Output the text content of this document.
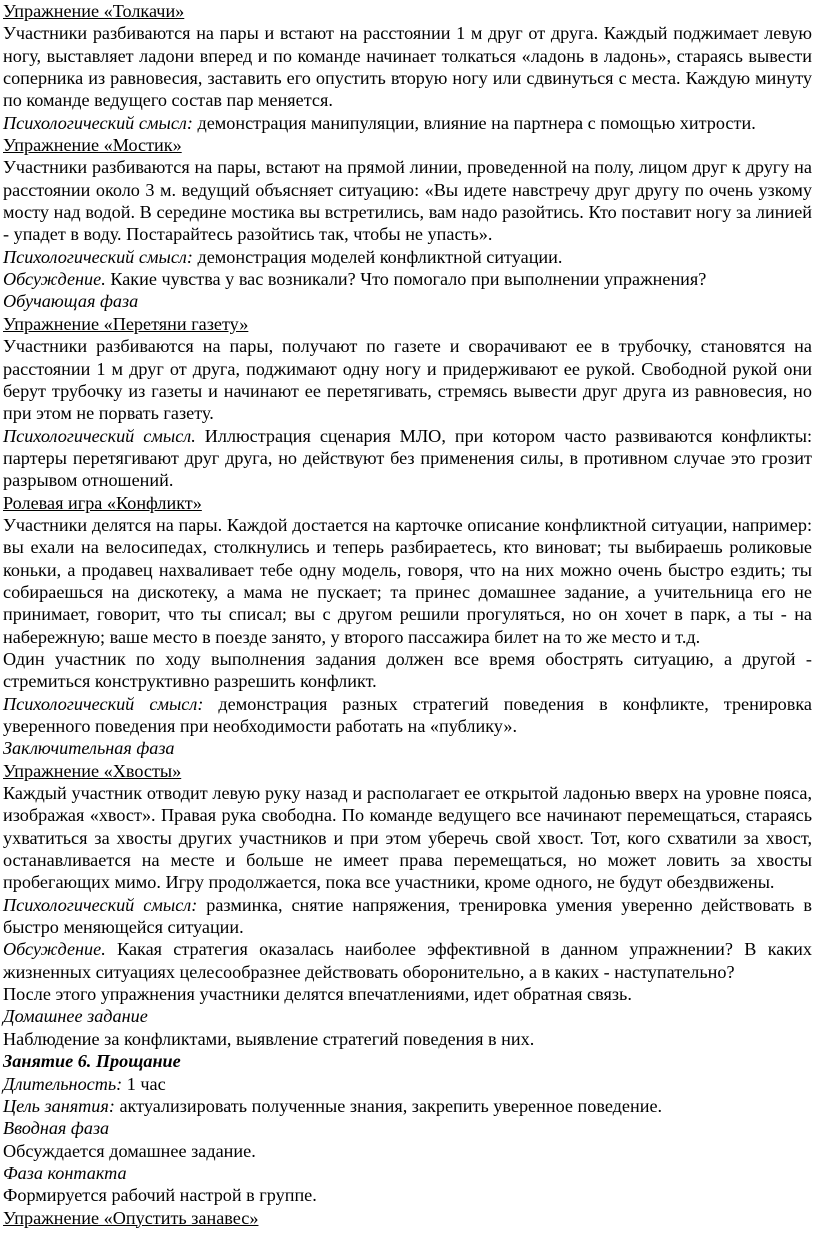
Упражнение «Толкачи»

Участники разбиваются на пары и встают на расстоянии 1 м друг от друга. Каждый поджимает левую ногу, выставляет ладони вперед и по команде начинает толкаться «ладонь в ладонь», стараясь вывести соперника из равновесия, заставить его опустить вторую ногу или сдвинуться с места. Каждую минуту по команде ведущего состав пар меняется.

Психологический смысл: демонстрация манипуляции, влияние на партнера с помощью хитрости.

Упражнение «Мостик»

Участники разбиваются на пары, встают на прямой линии, проведенной на полу, лицом друг к другу на расстоянии около 3 м. ведущий объясняет ситуацию: «Вы идете навстречу друг другу по очень узкому мосту над водой. В середине мостика вы встретились, вам надо разойтись. Кто поставит ногу за линией - упадет в воду. Постарайтесь разойтись так, чтобы не упасть».

Психологический смысл: демонстрация моделей конфликтной ситуации.

Обсуждение. Какие чувства у вас возникали? Что помогало при выполнении упражнения?

Обучающая фаза

Упражнение «Перетяни газету»

Участники разбиваются на пары, получают по газете и сворачивают ее в трубочку, становятся на расстоянии 1 м друг от друга, поджимают одну ногу и придерживают ее рукой. Свободной рукой они берут трубочку из газеты и начинают ее перетягивать, стремясь вывести друг друга из равновесия, но при этом не порвать газету.

Психологический смысл. Иллюстрация сценария МЛО, при котором часто развиваются конфликты: партеры перетягивают друг друга, но действуют без применения силы, в противном случае это грозит разрывом отношений.

Ролевая игра «Конфликт»

Участники делятся на пары. Каждой достается на карточке описание конфликтной ситуации, например: вы ехали на велосипедах, столкнулись и теперь разбираетесь, кто виноват; ты выбираешь роликовые коньки, а продавец нахваливает тебе одну модель, говоря, что на них можно очень быстро ездить; ты собираешься на дискотеку, а мама не пускает; та принес домашнее задание, а учительница его не принимает, говорит, что ты списал; вы с другом решили прогуляться, но он хочет в парк, а ты - на набережную; ваше место в поезде занято, у второго пассажира билет на то же место и т.д.

Один участник по ходу выполнения задания должен все время обострять ситуацию, а другой - стремиться конструктивно разрешить конфликт.

Психологический смысл: демонстрация разных стратегий поведения в конфликте, тренировка уверенного поведения при необходимости работать на «публику».

Заключительная фаза

Упражнение «Хвосты»

Каждый участник отводит левую руку назад и располагает ее открытой ладонью вверх на уровне пояса, изображая «хвост». Правая рука свободна. По команде ведущего все начинают перемещаться, стараясь ухватиться за хвосты других участников и при этом уберечь свой хвост. Тот, кого схватили за хвост, останавливается на месте и больше не имеет права перемещаться, но может ловить за хвосты пробегающих мимо. Игру продолжается, пока все участники, кроме одного, не будут обездвижены.

Психологический смысл: разминка, снятие напряжения, тренировка умения уверенно действовать в быстро меняющейся ситуации.

Обсуждение. Какая стратегия оказалась наиболее эффективной в данном упражнении? В каких жизненных ситуациях целесообразнее действовать оборонительно, а в каких - наступательно?

После этого упражнения участники делятся впечатлениями, идет обратная связь.

Домашнее задание

Наблюдение за конфликтами, выявление стратегий поведения в них.

Занятие 6. Прощание

Длительность: 1 час

Цель занятия: актуализировать полученные знания, закрепить уверенное поведение.

Вводная фаза

Обсуждается домашнее задание.

Фаза контакта

Формируется рабочий настрой в группе.

Упражнение «Опустить занавес»
